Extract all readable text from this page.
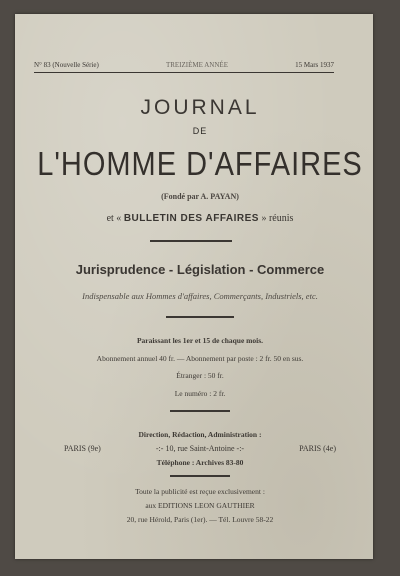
N° 83 (Nouvelle Série)	TREIZIÈME ANNÉE	15 Mars 1937
JOURNAL
DE
L'HOMME D'AFFAIRES
(Fondé par A. PAYAN)
et « BULLETIN DES AFFAIRES » réunis
Jurisprudence - Législation - Commerce
Indispensable aux Hommes d'affaires, Commerçants, Industriels, etc.
Paraissant les 1er et 15 de chaque mois.
Abonnement annuel 40 fr. — Abonnement par poste : 2 fr. 50 en sus.
Étranger : 50 fr.
Le numéro : 2 fr.
Direction, Rédaction, Administration :
PARIS (9e)	-:- 10, rue Saint-Antoine -:-	PARIS (4e)
Téléphone : Archives 83-80
Toute la publicité est reçue exclusivement :
aux EDITIONS LEON GAUTHIER
20, rue Hérold, Paris (1er). — Tél. Louvre 58-22
